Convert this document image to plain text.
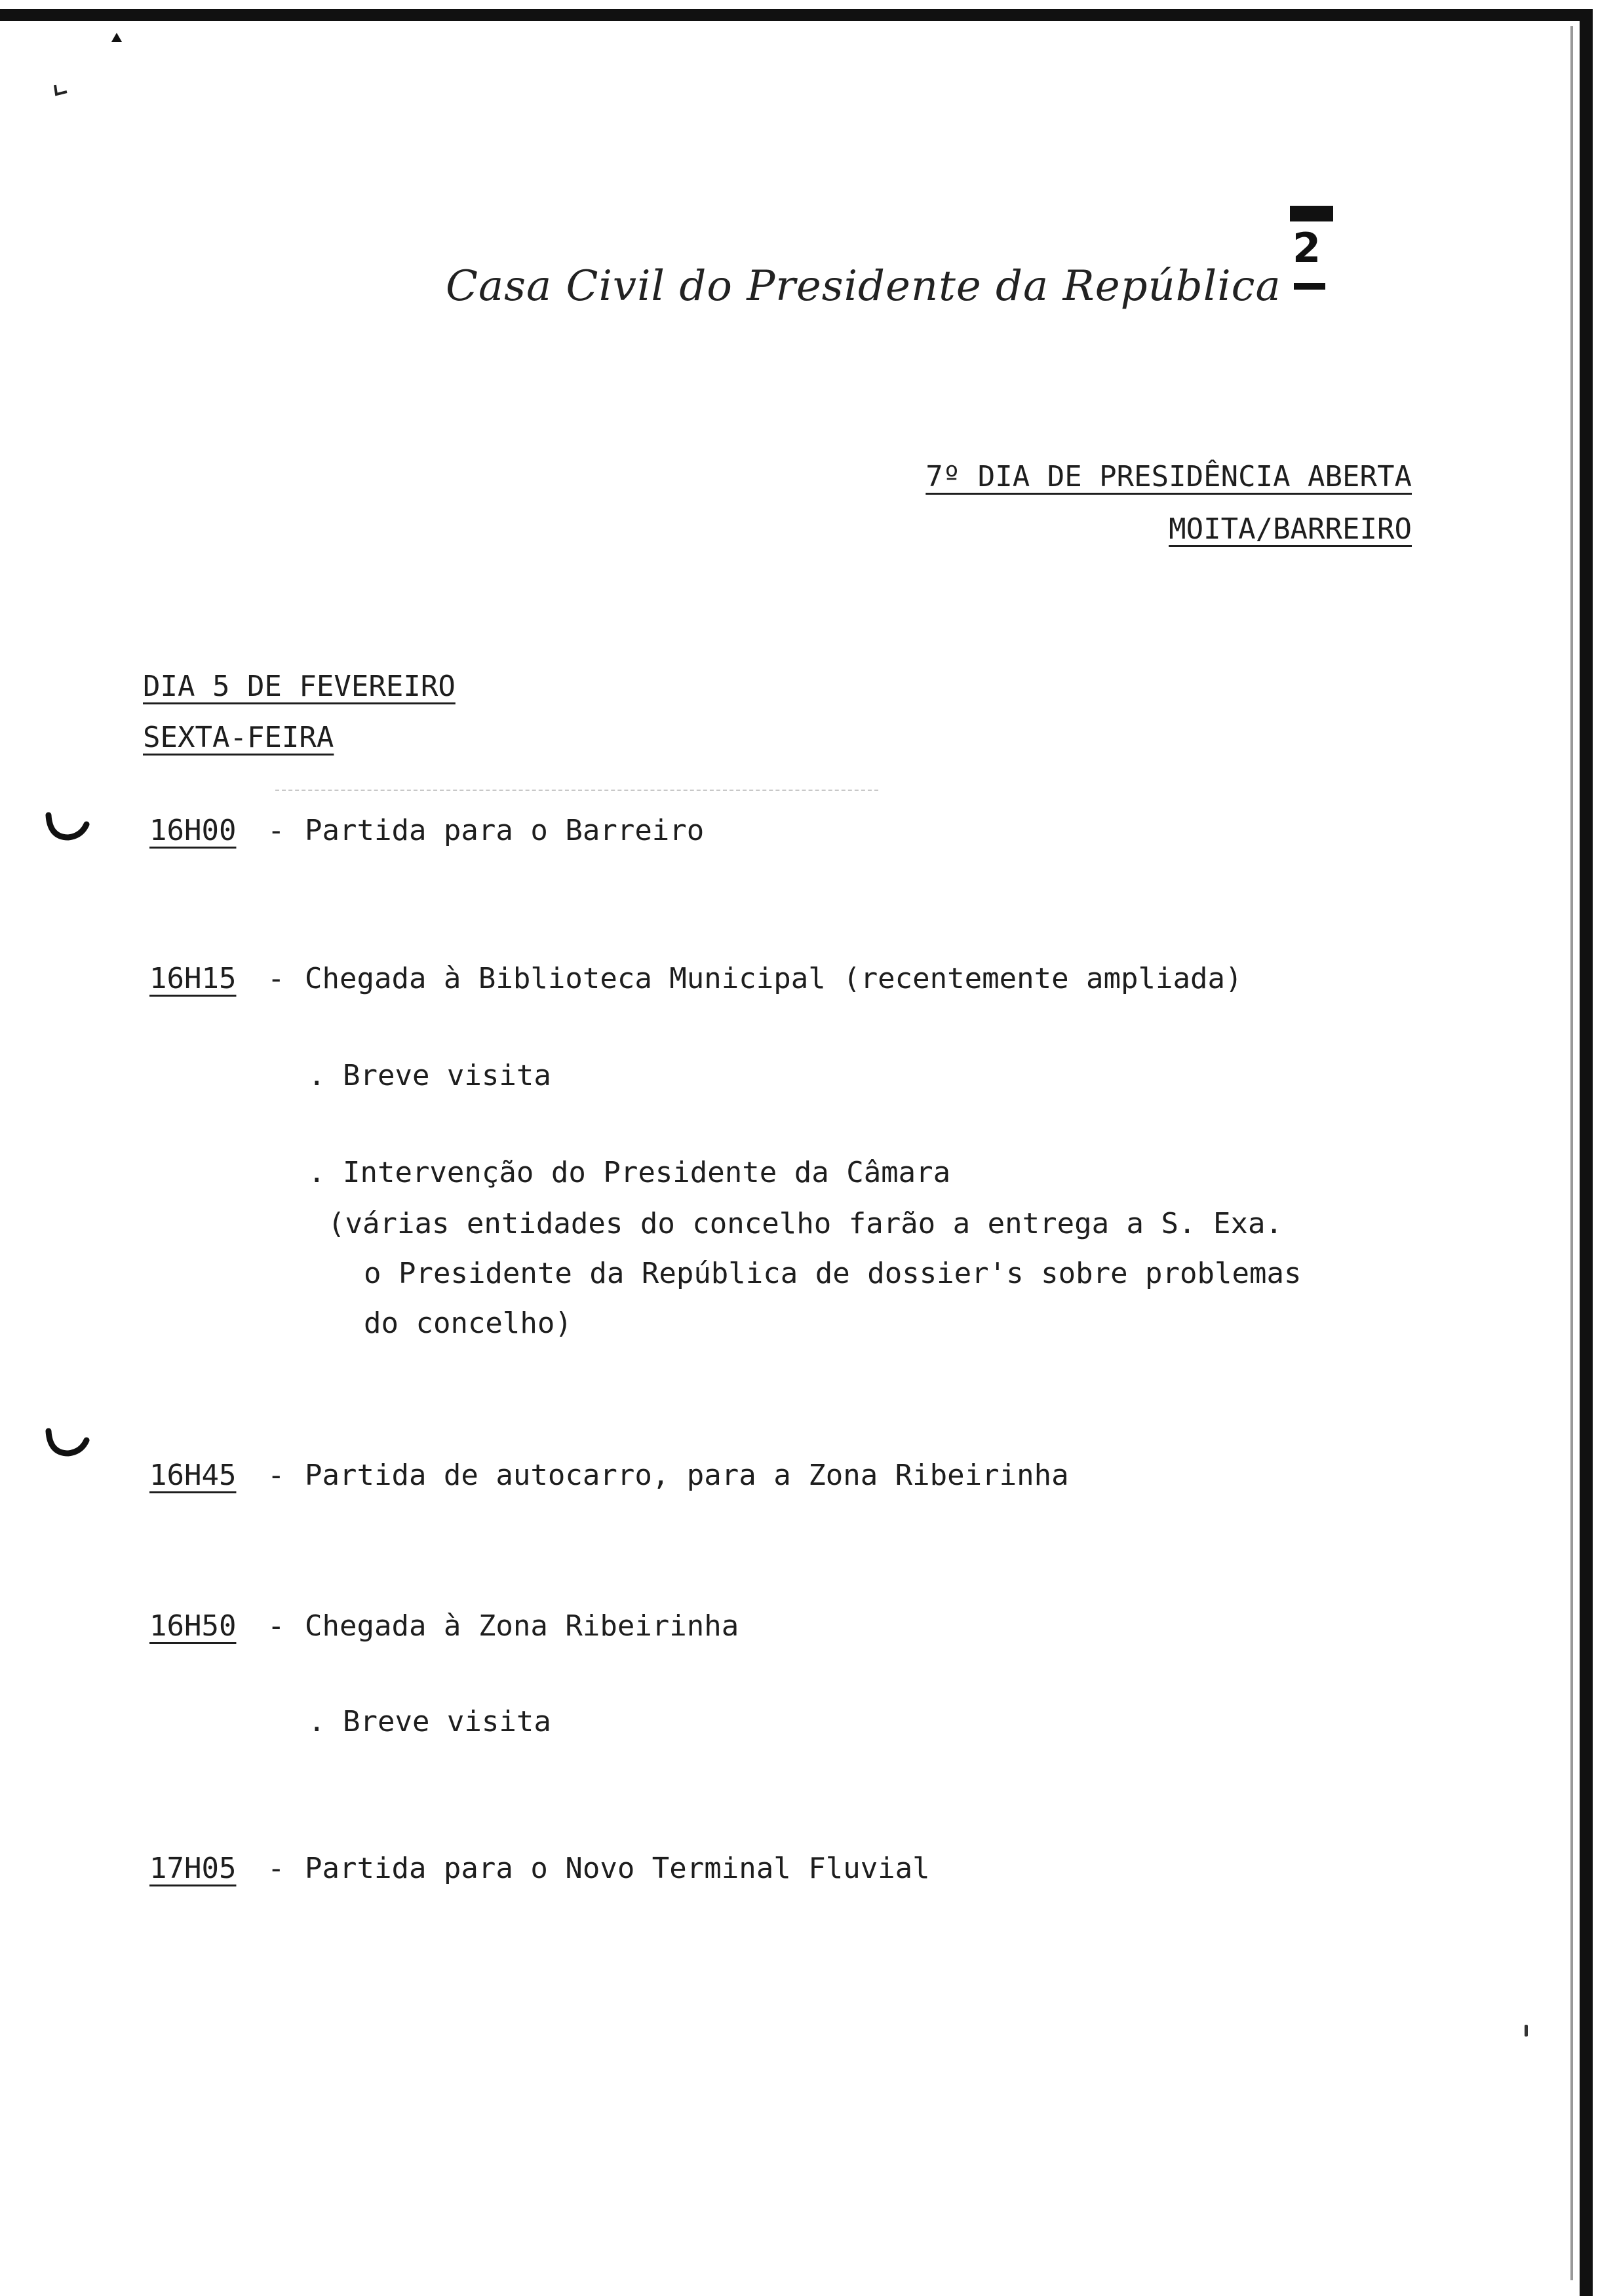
Casa Civil do Presidente da República
2
7º DIA DE PRESIDÊNCIA ABERTA
MOITA/BARREIRO
DIA 5 DE FEVEREIRO
SEXTA-FEIRA
16H00 - Partida para o Barreiro
16H15 - Chegada à Biblioteca Municipal (recentemente ampliada)
. Breve visita
. Intervenção do Presidente da Câmara
(várias entidades do concelho farão a entrega a S. Exa.
o Presidente da República de dossier's sobre problemas
do concelho)
16H45 - Partida de autocarro, para a Zona Ribeirinha
16H50 - Chegada à Zona Ribeirinha
. Breve visita
17H05 - Partida para o Novo Terminal Fluvial
